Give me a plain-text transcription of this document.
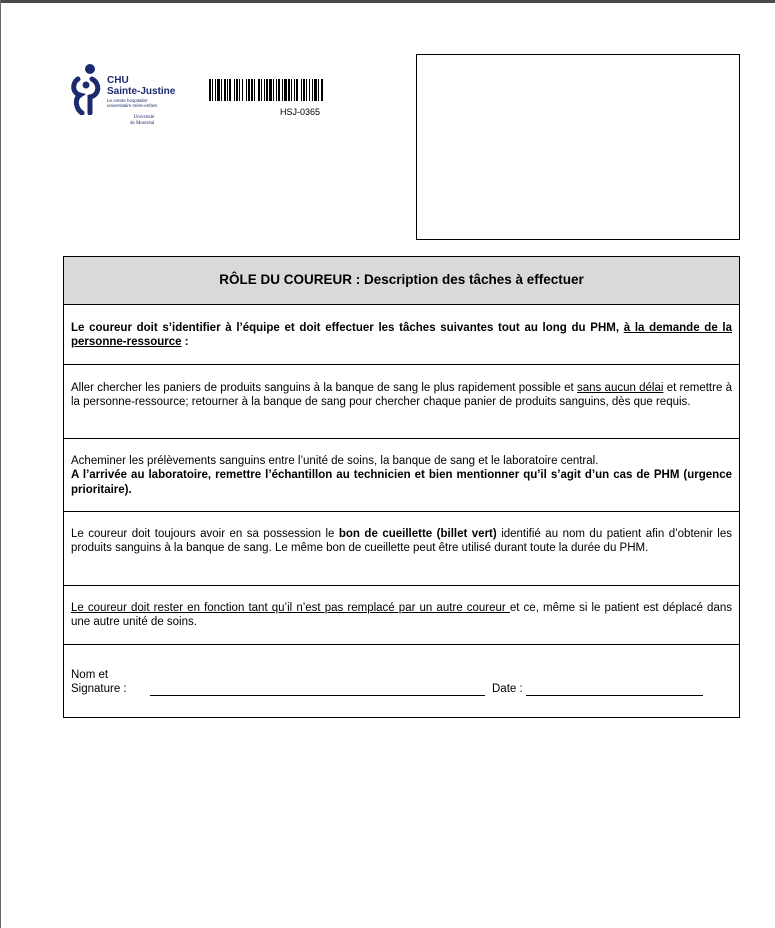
CHU
Sainte-Justine
Le centre hospitalier
universitaire mère-enfant
Université
de Montréal
HSJ-0365
RÔLE DU COUREUR : Description des tâches à effectuer
Le coureur doit s’identifier à l’équipe et doit effectuer les tâches suivantes tout au long du PHM, à la demande de la personne-ressource :
Aller chercher les paniers de produits sanguins à la banque de sang le plus rapidement possible et sans aucun délai et remettre à la personne-ressource; retourner à la banque de sang pour chercher chaque panier de produits sanguins, dès que requis.
Acheminer les prélèvements sanguins entre l’unité de soins, la banque de sang et le laboratoire central.
A l’arrivée au laboratoire, remettre l’échantillon au technicien et bien mentionner qu’il s’agit d’un cas de PHM (urgence prioritaire).
Le coureur doit toujours avoir en sa possession le bon de cueillette (billet vert) identifié au nom du patient afin d’obtenir les produits sanguins à la banque de sang. Le même bon de cueillette peut être utilisé durant toute la durée du PHM.
Le coureur doit rester en fonction tant qu’il n’est pas remplacé par un autre coureur et ce, même si le patient est déplacé dans une autre unité de soins.
Nom et
Signature :	Date :
